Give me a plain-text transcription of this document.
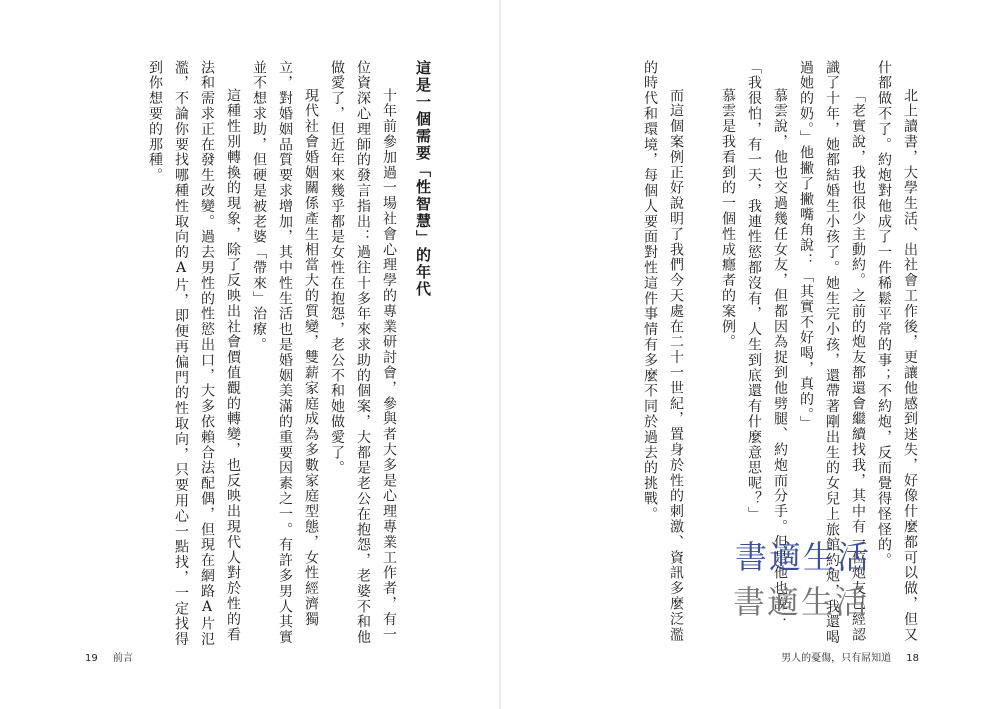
北上讀書，大學生活、出社會工作後，更讓他感到迷失，好像什麼都可以做，但又什都做不了。約炮對他成了一件稀鬆平常的事；不約炮，反而覺得怪怪的。

「老實說，我也很少主動約。之前的炮友都還會繼續找我，其中有一位炮友已經認識了十年，她都結婚生小孩了。她生完小孩，還帶著剛出生的女兒上旅館約炮，我還喝過她的奶。」他撇了撇嘴角說：「其實不好喝，真的。」

慕雲說，他也交過幾任女友，但都因為捉到他劈腿、約炮而分手。但是他也說：「我很怕，有一天，我連性慾都沒有，人生到底還有什麼意思呢？」

慕雲是我看到的一個性成癮者的案例。

而這個案例正好說明了我們今天處在二十一世紀，置身於性的刺激、資訊多麼泛濫的時代和環境，每個人要面對性這件事情有多麼不同於過去的挑戰。

這是一個需要「性智慧」的年代

十年前參加過一場社會心理學的專業研討會，參與者大多是心理專業工作者，有一位資深心理師的發言指出：過往十多年來求助的個案，大都是老公在抱怨，老婆不和他做愛了，但近年來幾乎都是女性在抱怨，老公不和她做愛了。

現代社會婚姻關係產生相當大的質變，雙薪家庭成為多數家庭型態，女性經濟獨立，對婚姻品質要求增加，其中性生活也是婚姻美滿的重要因素之一。有許多男人其實並不想求助，但硬是被老婆「帶來」治療。

這種性別轉換的現象，除了反映出社會價值觀的轉變，也反映出現代人對於性的看法和需求正在發生改變。過去男性的性慾出口，大多依賴合法配偶，但現在網路A片氾濫，不論你要找哪種性取向的A片，即便再偏門的性取向，只要用心一點找，一定找得到你想要的那種。

書適生活
書適生活
19 前言	男人的憂傷，只有屌知道 18
